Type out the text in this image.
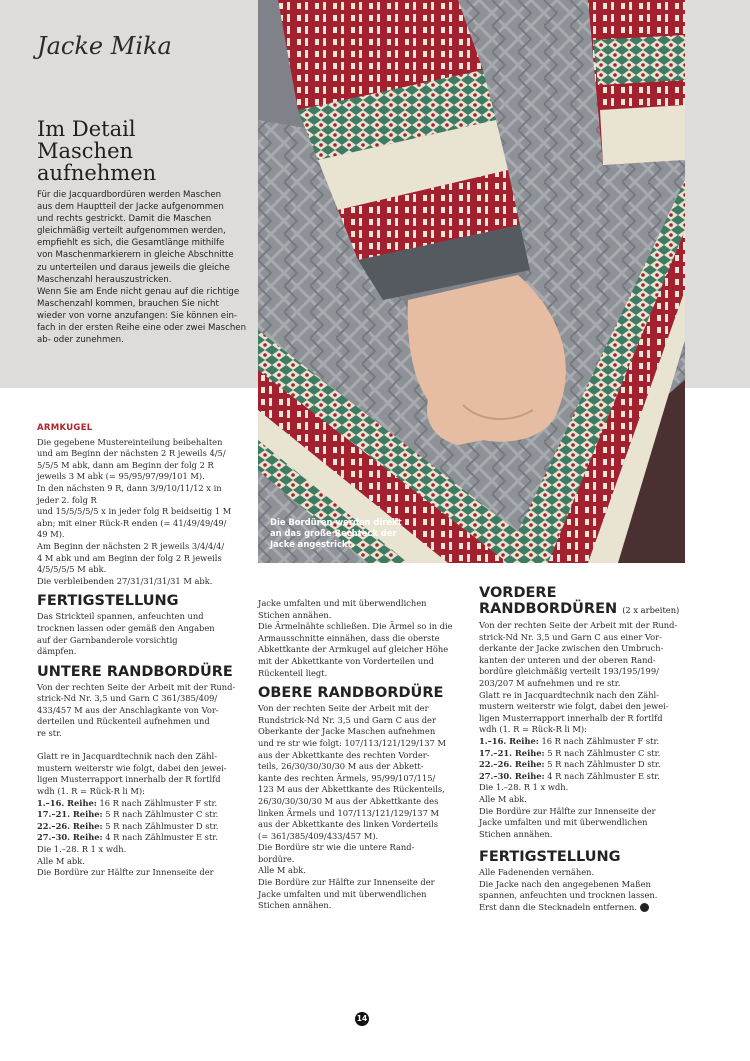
Jacke Mika
Im Detail
Maschen aufnehmen

Für die Jacquardbordüren werden Maschen
aus dem Hauptteil der Jacke aufgenommen
und rechts gestrickt. Damit die Maschen
gleichmäßig verteilt aufgenommen werden,
empfiehlt es sich, die Gesamtlänge mithilfe
von Maschenmarkierern in gleiche Abschnitte
zu unterteilen und daraus jeweils die gleiche
Maschenzahl herauszustricken.
Wenn Sie am Ende nicht genau auf die richtige
Maschenzahl kommen, brauchen Sie nicht
wieder von vorne anzufangen: Sie können ein-
fach in der ersten Reihe eine oder zwei Maschen
ab- oder zunehmen.

Die Bordüren werden direkt
an das große Rechteck der
Jacke angestrickt.
ARMKUGEL

Die gegebene Mustereinteilung beibehalten

und am Beginn der nächsten 2 R jeweils 4/5/

5/5/5 M abk, dann am Beginn der folg 2 R

jeweils 3 M abk (= 95/95/97/99/101 M).

In den nächsten 9 R, dann 3/9/10/11/12 x in

jeder 2. folg R

und 15/5/5/5/5 x in jeder folg R beidseitig 1 M

abn; mit einer Rück-R enden (= 41/49/49/49/

49 M).

Am Beginn der nächsten 2 R jeweils 3/4/4/4/

4 M abk und am Beginn der folg 2 R jeweils

4/5/5/5/5 M abk.

Die verbleibenden 27/31/31/31/31 M abk.

FERTIGSTELLUNG

Das Strickteil spannen, anfeuchten und

trocknen lassen oder gemäß den Angaben

auf der Garnbanderole vorsichtig

dämpfen.

UNTERE RANDBORDÜRE

Von der rechten Seite der Arbeit mit der Rund-

strick-Nd Nr. 3,5 und Garn C 361/385/409/

433/457 M aus der Anschlagkante von Vor-

derteilen und Rückenteil aufnehmen und

re str.

Glatt re in Jacquardtechnik nach den Zähl-

mustern weiterstr wie folgt, dabei den jewei-

ligen Musterrapport innerhalb der R fortlfd

wdh (1. R = Rück-R li M):

1.–16. Reihe: 16 R nach Zählmuster F str.

17.–21. Reihe: 5 R nach Zählmuster C str.

22.–26. Reihe: 5 R nach Zählmuster D str.

27.–30. Reihe: 4 R nach Zählmuster E str.

Die 1.–28. R 1 x wdh.

Alle M abk.

Die Bordüre zur Hälfte zur Innenseite der

Jacke umfalten und mit überwendlichen

Stichen annähen.

Die Ärmelnähte schließen. Die Ärmel so in die

Armausschnitte einnähen, dass die oberste

Abkettkante der Armkugel auf gleicher Höhe

mit der Abkettkante von Vorderteilen und

Rückenteil liegt.

OBERE RANDBORDÜRE

Von der rechten Seite der Arbeit mit der

Rundstrick-Nd Nr. 3,5 und Garn C aus der

Oberkante der Jacke Maschen aufnehmen

und re str wie folgt: 107/113/121/129/137 M

aus der Abkettkante des rechten Vorder-

teils, 26/30/30/30/30 M aus der Abkett-

kante des rechten Ärmels, 95/99/107/115/

123 M aus der Abkettkante des Rückenteils,

26/30/30/30/30 M aus der Abkettkante des

linken Ärmels und 107/113/121/129/137 M

aus der Abkettkante des linken Vorderteils

(= 361/385/409/433/457 M).

Die Bordüre str wie die untere Rand-

bordüre.

Alle M abk.

Die Bordüre zur Hälfte zur Innenseite der

Jacke umfalten und mit überwendlichen

Stichen annähen.

VORDERE
RANDBORDÜREN (2 x arbeiten)

Von der rechten Seite der Arbeit mit der Rund-

strick-Nd Nr. 3,5 und Garn C aus einer Vor-

derkante der Jacke zwischen den Umbruch-

kanten der unteren und der oberen Rand-

bordüre gleichmäßig verteilt 193/195/199/

203/207 M aufnehmen und re str.

Glatt re in Jacquardtechnik nach den Zähl-

mustern weiterstr wie folgt, dabei den jewei-

ligen Musterrapport innerhalb der R fortlfd

wdh (1. R = Rück-R li M):

1.–16. Reihe: 16 R nach Zählmuster F str.

17.–21. Reihe: 5 R nach Zählmuster C str.

22.–26. Reihe: 5 R nach Zählmuster D str.

27.–30. Reihe: 4 R nach Zählmuster E str.

Die 1.–28. R 1 x wdh.

Alle M abk.

Die Bordüre zur Hälfte zur Innenseite der

Jacke umfalten und mit überwendlichen

Stichen annähen.

FERTIGSTELLUNG

Alle Fadenenden vernähen.

Die Jacke nach den angegebenen Maßen

spannen, anfeuchten und trocknen lassen.

Erst dann die Stecknadeln entfernen.

14
